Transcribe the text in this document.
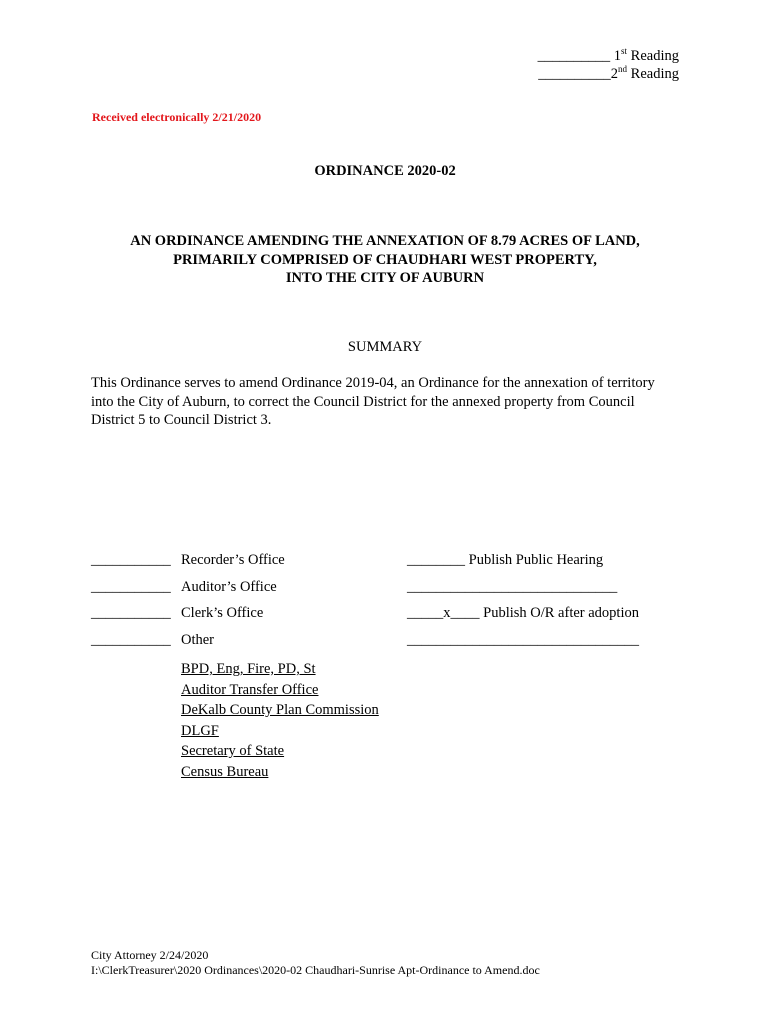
__________ 1st Reading
__________2nd Reading
Received electronically 2/21/2020
ORDINANCE 2020-02
AN ORDINANCE AMENDING THE ANNEXATION OF 8.79 ACRES OF LAND,
PRIMARILY COMPRISED OF CHAUDHARI WEST PROPERTY,
INTO THE CITY OF AUBURN
SUMMARY
This Ordinance serves to amend Ordinance 2019-04, an Ordinance for the annexation of territory
into the City of Auburn, to correct the Council District for the annexed property from Council
District 5 to Council District 3.
___________ Recorder’s Office
___________ Auditor’s Office
___________ Clerk’s Office
___________ Other
________ Publish Public Hearing
_____________________________
_____x____ Publish O/R after adoption
________________________________
BPD, Eng, Fire, PD, St
Auditor Transfer Office
DeKalb County Plan Commission
DLGF
Secretary of State
Census Bureau
City Attorney 2/24/2020
I:\ClerkTreasurer\2020 Ordinances\2020-02 Chaudhari-Sunrise Apt-Ordinance to Amend.doc
